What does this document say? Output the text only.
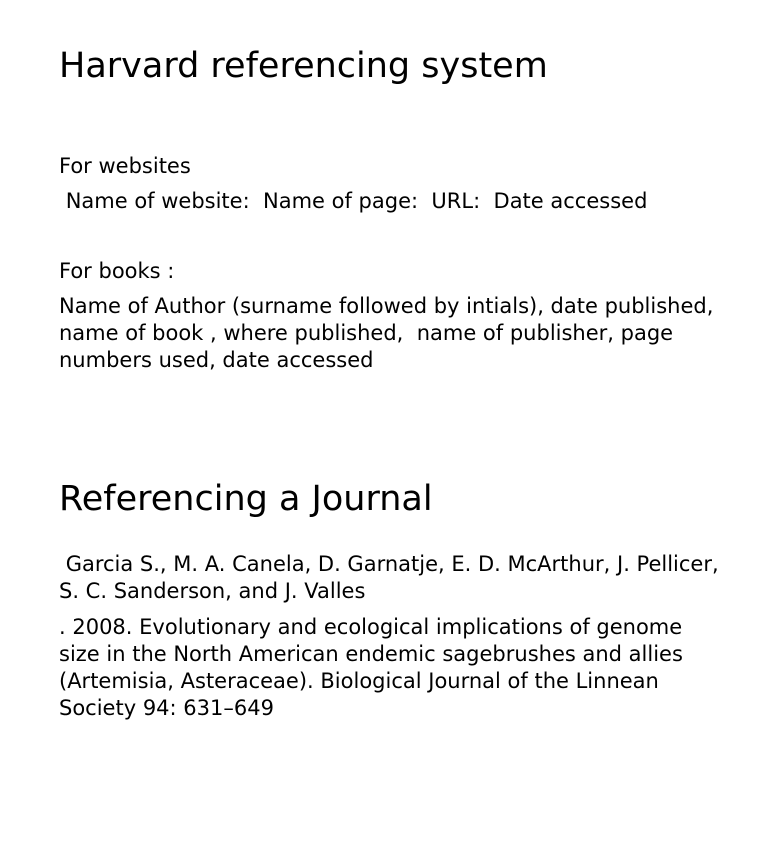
Harvard referencing system

For websites

Name of website:  Name of page:  URL:  Date accessed

For books :

Name of Author (surname followed by intials), date published, name of book , where published,  name of publisher, page numbers used, date accessed

Referencing a Journal

Garcia S., M. A. Canela, D. Garnatje, E. D. McArthur, J. Pellicer, S. C. Sanderson, and J. Valles

. 2008. Evolutionary and ecological implications of genome size in the North American endemic sagebrushes and allies (Artemisia, Asteraceae). Biological Journal of the Linnean Society 94: 631–649
